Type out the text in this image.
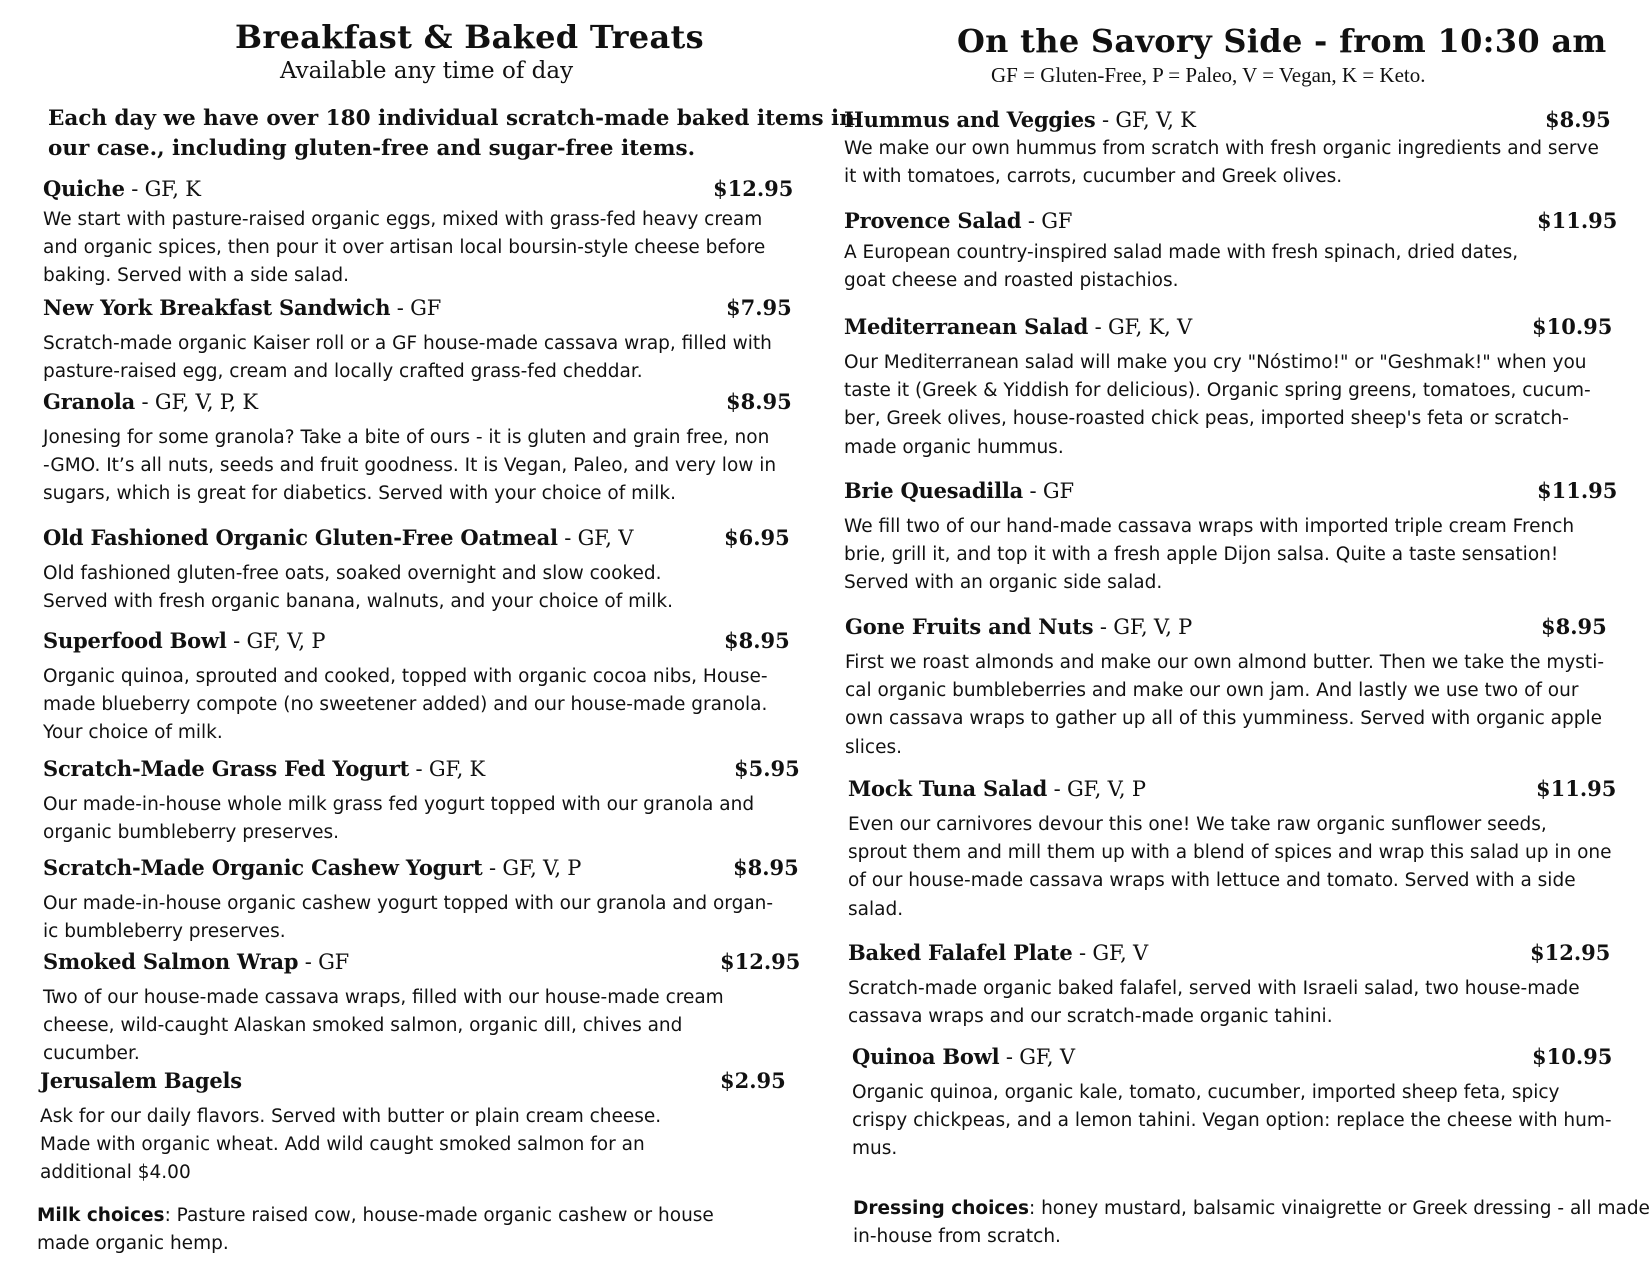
Breakfast & Baked Treats
Available any time of day
Each day we have over 180 individual scratch-made baked items in
our case., including gluten-free and sugar-free items.
Quiche - GF, K	$12.95
We start with pasture-raised organic eggs, mixed with grass-fed heavy cream
and organic spices, then pour it over artisan local boursin-style cheese before
baking. Served with a side salad.
New York Breakfast Sandwich - GF	$7.95
Scratch-made organic Kaiser roll or a GF house-made cassava wrap, filled with
pasture-raised egg, cream and locally crafted grass-fed cheddar.
Granola - GF, V, P, K	$8.95
Jonesing for some granola? Take a bite of ours - it is gluten and grain free, non
-GMO. It’s all nuts, seeds and fruit goodness. It is Vegan, Paleo, and very low in
sugars, which is great for diabetics. Served with your choice of milk.
Old Fashioned Organic Gluten-Free Oatmeal - GF, V	$6.95
Old fashioned gluten-free oats, soaked overnight and slow cooked.
Served with fresh organic banana, walnuts, and your choice of milk.
Superfood Bowl - GF, V, P	$8.95
Organic quinoa, sprouted and cooked, topped with organic cocoa nibs, House-
made blueberry compote (no sweetener added) and our house-made granola.
Your choice of milk.
Scratch-Made Grass Fed Yogurt - GF, K	$5.95
Our made-in-house whole milk grass fed yogurt topped with our granola and
organic bumbleberry preserves.
Scratch-Made Organic Cashew Yogurt - GF, V, P	$8.95
Our made-in-house organic cashew yogurt topped with our granola and organ-
ic bumbleberry preserves.
Smoked Salmon Wrap - GF	$12.95
Two of our house-made cassava wraps, filled with our house-made cream
cheese, wild-caught Alaskan smoked salmon, organic dill, chives and
cucumber.
Jerusalem Bagels	$2.95
Ask for our daily flavors. Served with butter or plain cream cheese.
Made with organic wheat. Add wild caught smoked salmon for an
additional $4.00
Milk choices: Pasture raised cow, house-made organic cashew or house
made organic hemp.
On the Savory Side - from 10:30 am
GF = Gluten-Free, P = Paleo, V = Vegan, K = Keto.
Hummus and Veggies - GF, V, K	$8.95
We make our own hummus from scratch with fresh organic ingredients and serve
it with tomatoes, carrots, cucumber and Greek olives.
Provence Salad - GF	$11.95
A European country-inspired salad made with fresh spinach, dried dates,
goat cheese and roasted pistachios.
Mediterranean Salad - GF, K, V	$10.95
Our Mediterranean salad will make you cry "Nóstimo!" or "Geshmak!" when you
taste it (Greek & Yiddish for delicious). Organic spring greens, tomatoes, cucum-
ber, Greek olives, house-roasted chick peas, imported sheep's feta or scratch-
made organic hummus.
Brie Quesadilla - GF	$11.95
We fill two of our hand-made cassava wraps with imported triple cream French
brie, grill it, and top it with a fresh apple Dijon salsa. Quite a taste sensation!
Served with an organic side salad.
Gone Fruits and Nuts - GF, V, P	$8.95
First we roast almonds and make our own almond butter. Then we take the mysti-
cal organic bumbleberries and make our own jam. And lastly we use two of our
own cassava wraps to gather up all of this yumminess. Served with organic apple
slices.
Mock Tuna Salad - GF, V, P	$11.95
Even our carnivores devour this one! We take raw organic sunflower seeds,
sprout them and mill them up with a blend of spices and wrap this salad up in one
of our house-made cassava wraps with lettuce and tomato. Served with a side
salad.
Baked Falafel Plate - GF, V	$12.95
Scratch-made organic baked falafel, served with Israeli salad, two house-made
cassava wraps and our scratch-made organic tahini.
Quinoa Bowl - GF, V	$10.95
Organic quinoa, organic kale, tomato, cucumber, imported sheep feta, spicy
crispy chickpeas, and a lemon tahini. Vegan option: replace the cheese with hum-
mus.
Dressing choices: honey mustard, balsamic vinaigrette or Greek dressing - all made
in-house from scratch.
